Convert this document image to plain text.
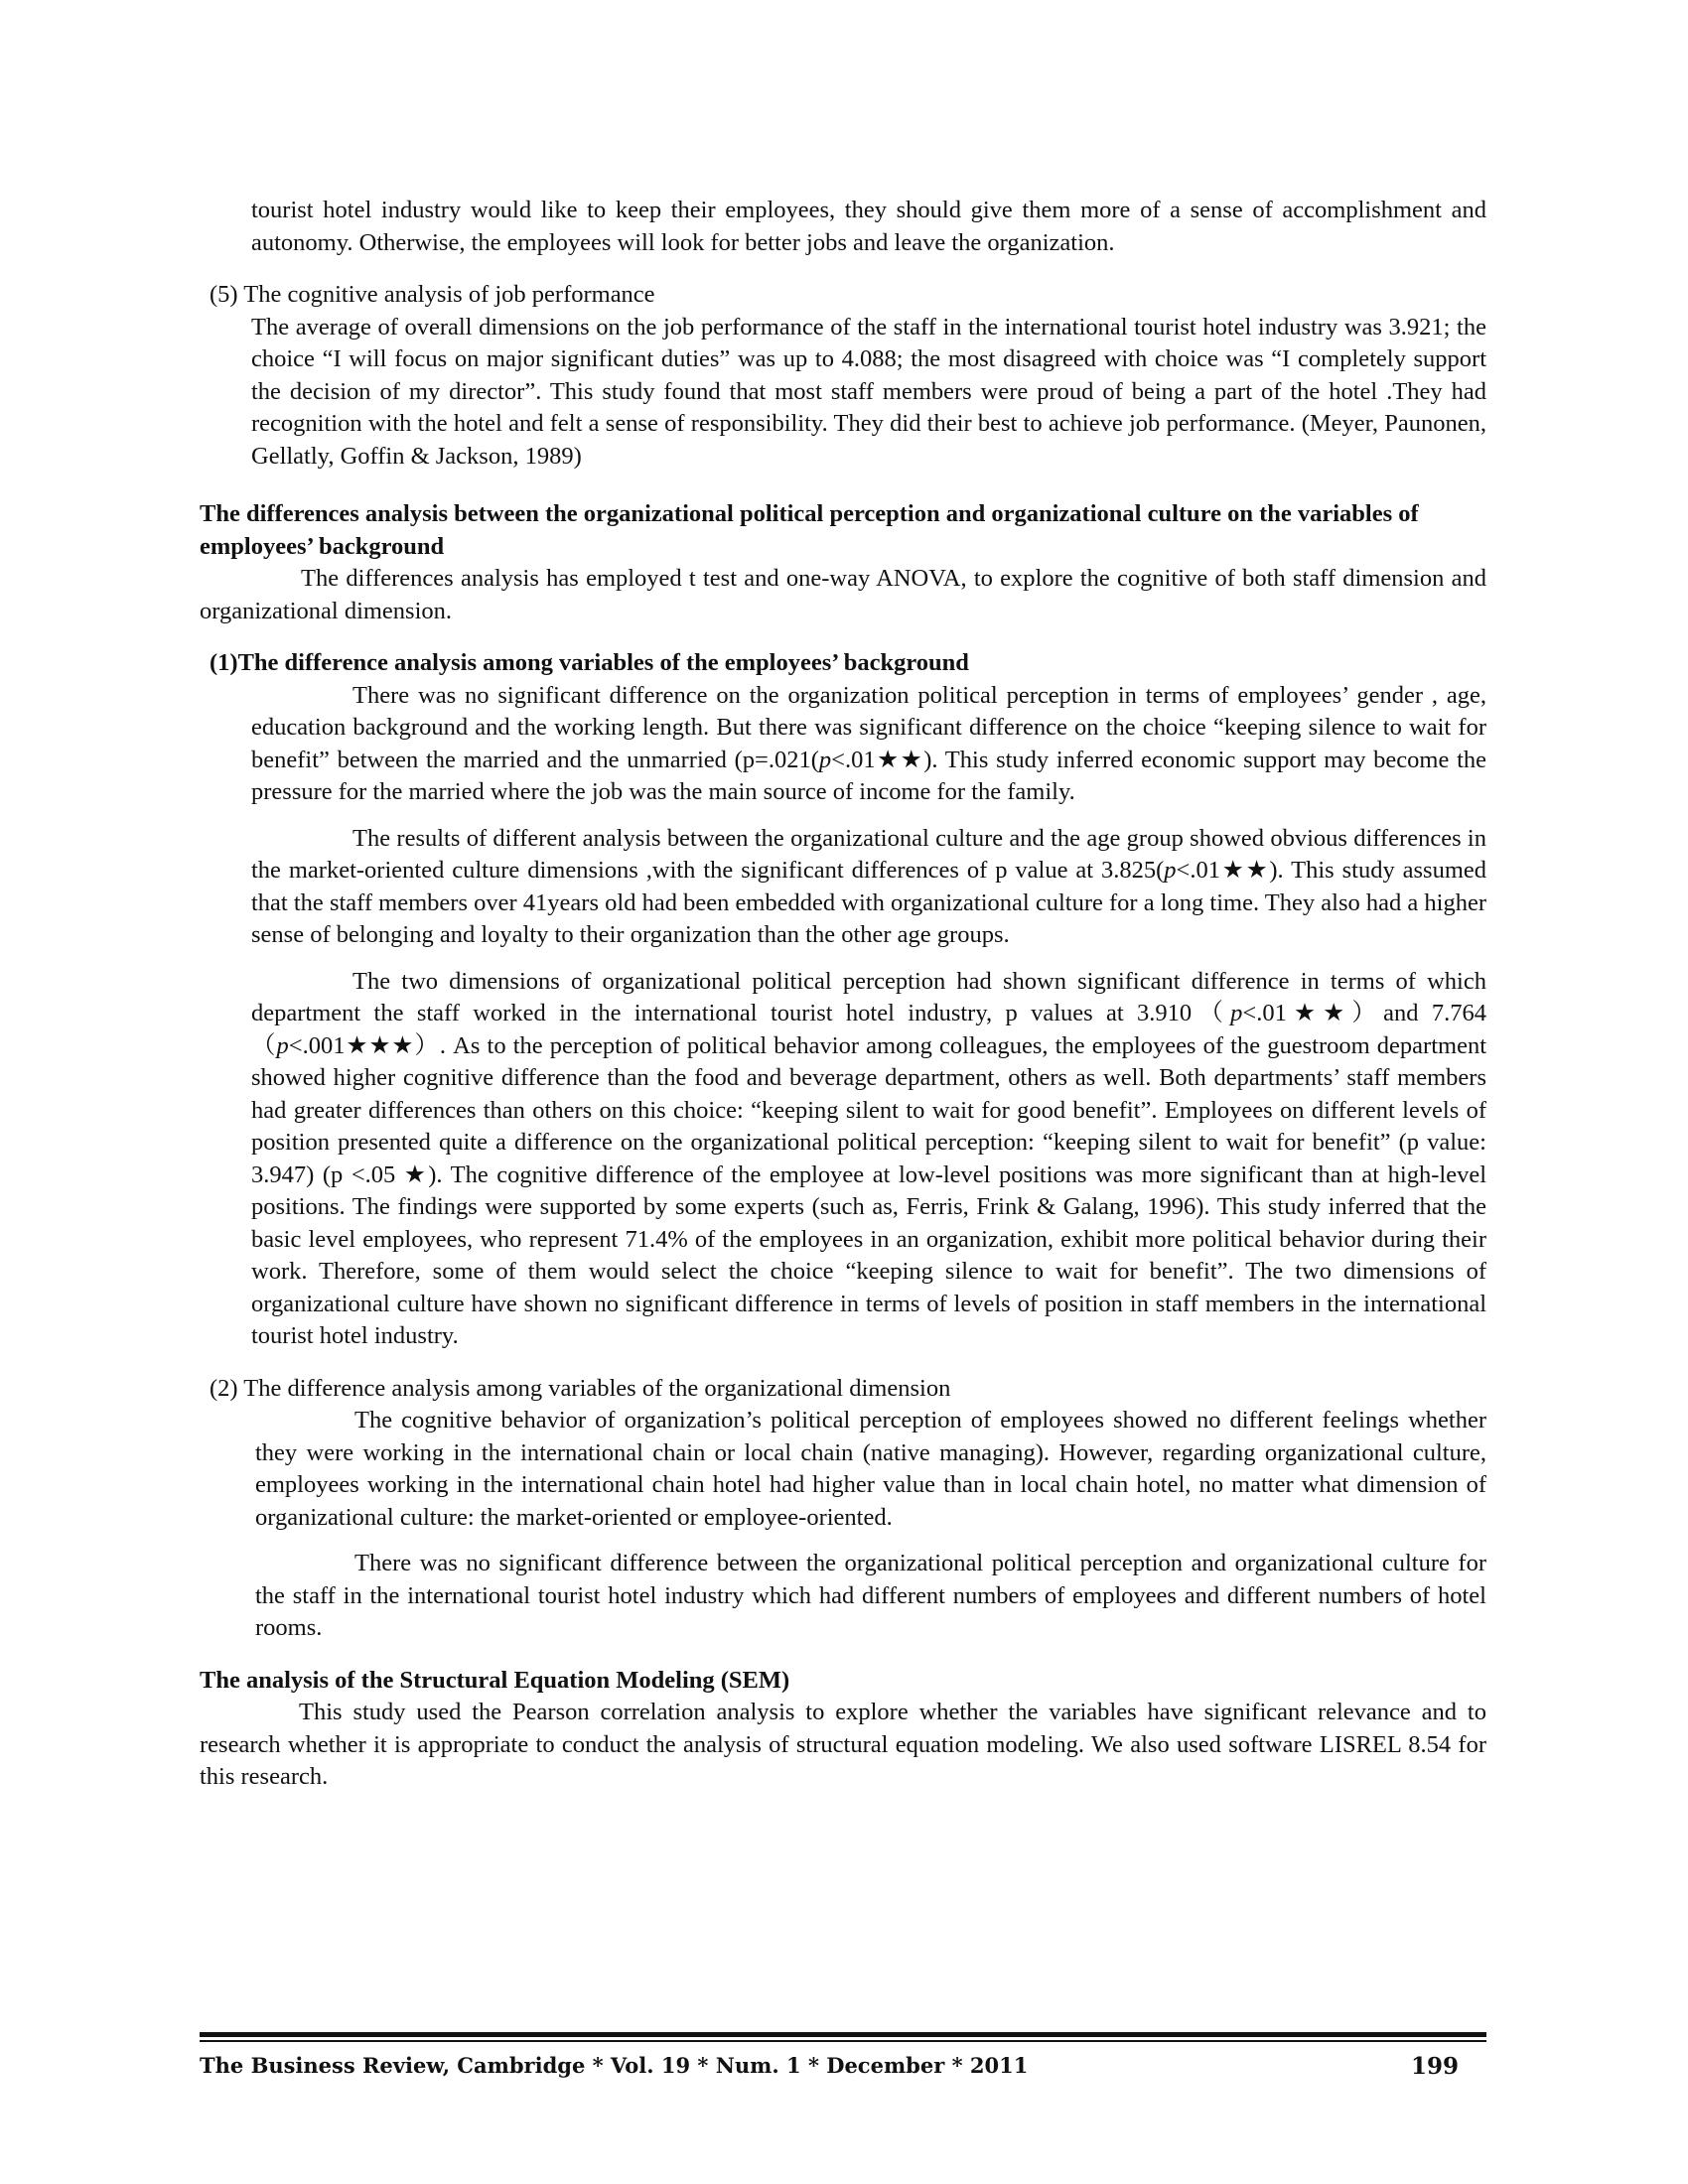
tourist hotel industry would like to keep their employees, they should give them more of a sense of accomplishment and autonomy. Otherwise, the employees will look for better jobs and leave the organization.

(5) The cognitive analysis of job performance

The average of overall dimensions on the job performance of the staff in the international tourist hotel industry was 3.921; the choice “I will focus on major significant duties” was up to 4.088; the most disagreed with choice was “I completely support the decision of my director”. This study found that most staff members were proud of being a part of the hotel .They had recognition with the hotel and felt a sense of responsibility. They did their best to achieve job performance. (Meyer, Paunonen, Gellatly, Goffin & Jackson, 1989)

The differences analysis between the organizational political perception and organizational culture on the variables of employees’ background

The differences analysis has employed t test and one-way ANOVA, to explore the cognitive of both staff dimension and organizational dimension.

(1)The difference analysis among variables of the employees’ background

There was no significant difference on the organization political perception in terms of employees’ gender , age, education background and the working length. But there was significant difference on the choice “keeping silence to wait for benefit” between the married and the unmarried (p=.021(p<.01★★). This study inferred economic support may become the pressure for the married where the job was the main source of income for the family.

The results of different analysis between the organizational culture and the age group showed obvious differences in the market-oriented culture dimensions ,with the significant differences of p value at 3.825(p<.01★★). This study assumed that the staff members over 41years old had been embedded with organizational culture for a long time. They also had a higher sense of belonging and loyalty to their organization than the other age groups.

The two dimensions of organizational political perception had shown significant difference in terms of which department the staff worked in the international tourist hotel industry, p values at 3.910（p<.01★★）and 7.764 （p<.001★★★）. As to the perception of political behavior among colleagues, the employees of the guestroom department showed higher cognitive difference than the food and beverage department, others as well. Both departments’ staff members had greater differences than others on this choice: “keeping silent to wait for good benefit”. Employees on different levels of position presented quite a difference on the organizational political perception: “keeping silent to wait for benefit” (p value: 3.947) (p <.05 ★). The cognitive difference of the employee at low-level positions was more significant than at high-level positions. The findings were supported by some experts (such as, Ferris, Frink & Galang, 1996). This study inferred that the basic level employees, who represent 71.4% of the employees in an organization, exhibit more political behavior during their work. Therefore, some of them would select the choice “keeping silence to wait for benefit”. The two dimensions of organizational culture have shown no significant difference in terms of levels of position in staff members in the international tourist hotel industry.

(2) The difference analysis among variables of the organizational dimension

The cognitive behavior of organization’s political perception of employees showed no different feelings whether they were working in the international chain or local chain (native managing). However, regarding organizational culture, employees working in the international chain hotel had higher value than in local chain hotel, no matter what dimension of organizational culture: the market-oriented or employee-oriented.

There was no significant difference between the organizational political perception and organizational culture for the staff in the international tourist hotel industry which had different numbers of employees and different numbers of hotel rooms.

The analysis of the Structural Equation Modeling (SEM)

This study used the Pearson correlation analysis to explore whether the variables have significant relevance and to research whether it is appropriate to conduct the analysis of structural equation modeling. We also used software LISREL 8.54 for this research.

The Business Review, Cambridge * Vol. 19 * Num. 1 * December * 2011	199
